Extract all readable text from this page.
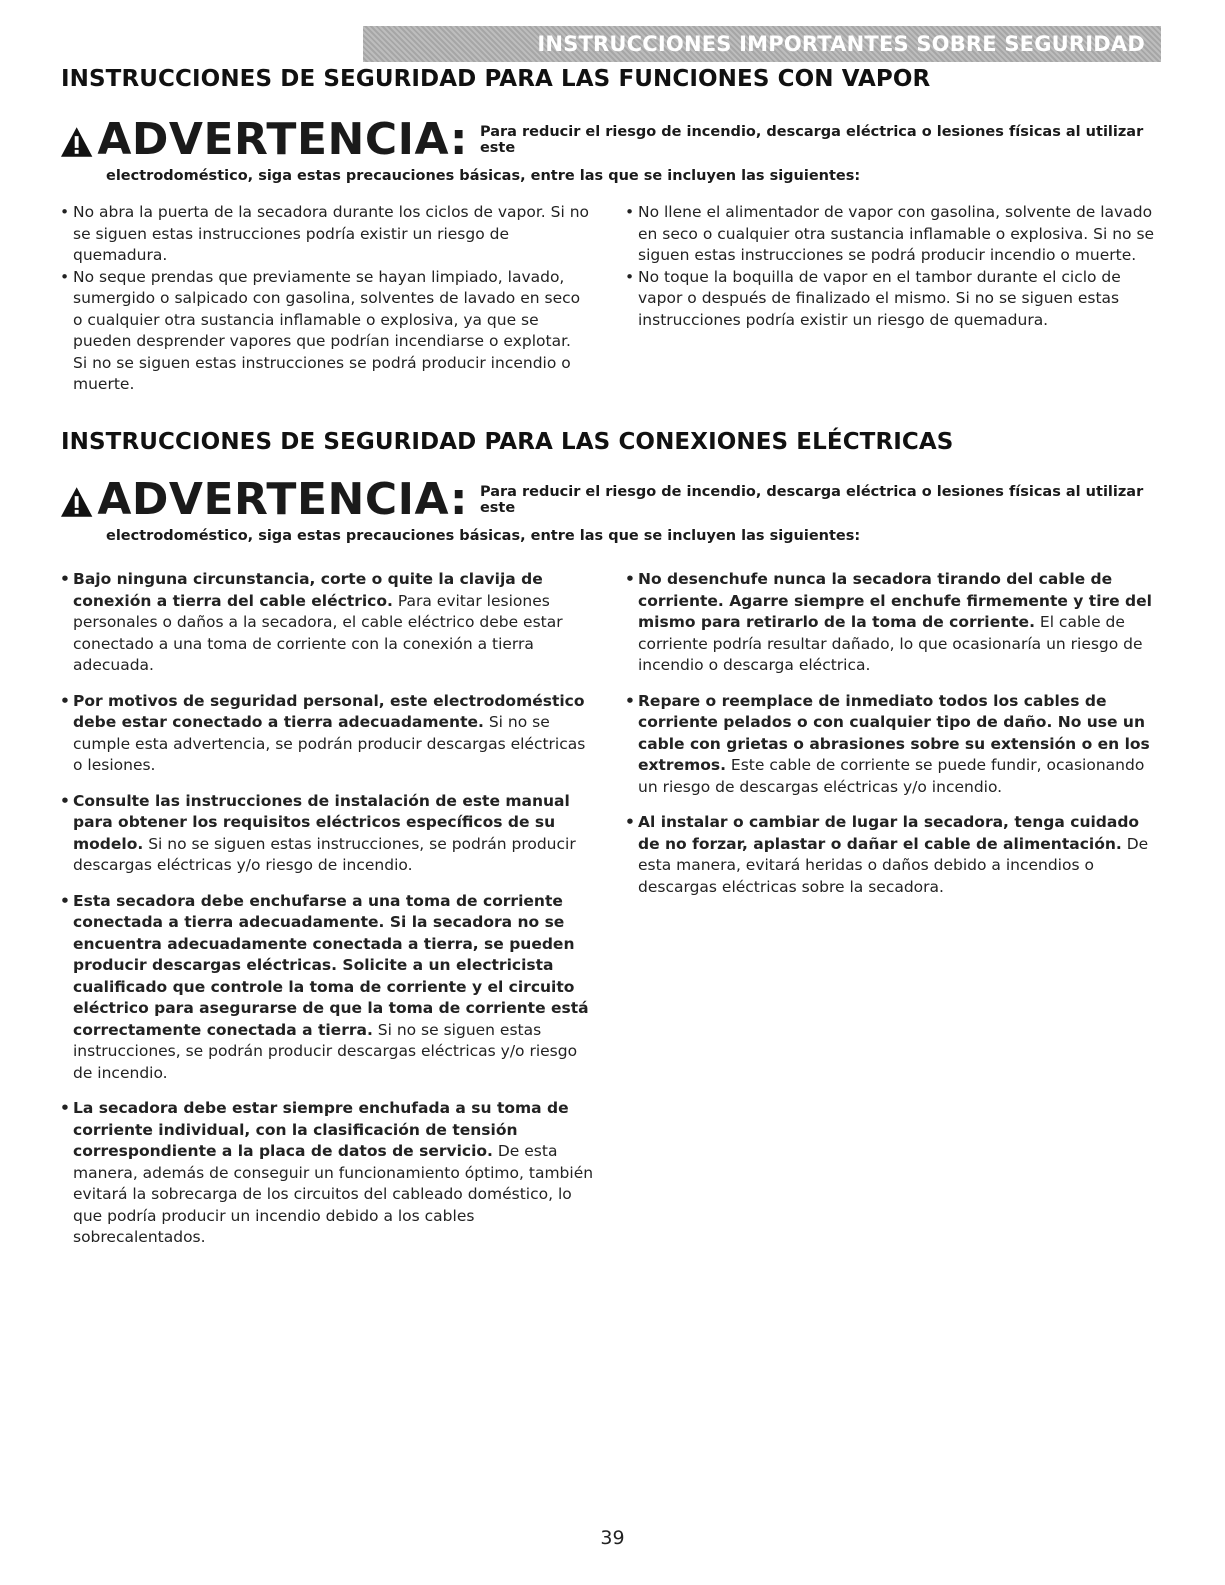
INSTRUCCIONES IMPORTANTES SOBRE SEGURIDAD
INSTRUCCIONES DE SEGURIDAD PARA LAS FUNCIONES CON VAPOR
ADVERTENCIA: Para reducir el riesgo de incendio, descarga eléctrica o lesiones físicas al utilizar este
electrodoméstico, siga estas precauciones básicas, entre las que se incluyen las siguientes:
• No abra la puerta de la secadora durante los ciclos de vapor. Si no se siguen estas instrucciones podría existir un riesgo de quemadura.
• No seque prendas que previamente se hayan limpiado, lavado, sumergido o salpicado con gasolina, solventes de lavado en seco o cualquier otra sustancia inflamable o explosiva, ya que se pueden desprender vapores que podrían incendiarse o explotar. Si no se siguen estas instrucciones se podrá producir incendio o muerte.
• No llene el alimentador de vapor con gasolina, solvente de lavado en seco o cualquier otra sustancia inflamable o explosiva. Si no se siguen estas instrucciones se podrá producir incendio o muerte.
• No toque la boquilla de vapor en el tambor durante el ciclo de vapor o después de finalizado el mismo. Si no se siguen estas instrucciones podría existir un riesgo de quemadura.
INSTRUCCIONES DE SEGURIDAD PARA LAS CONEXIONES ELÉCTRICAS
ADVERTENCIA: Para reducir el riesgo de incendio, descarga eléctrica o lesiones físicas al utilizar este
electrodoméstico, siga estas precauciones básicas, entre las que se incluyen las siguientes:
• Bajo ninguna circunstancia, corte o quite la clavija de conexión a tierra del cable eléctrico. Para evitar lesiones personales o daños a la secadora, el cable eléctrico debe estar conectado a una toma de corriente con la conexión a tierra adecuada.
• Por motivos de seguridad personal, este electrodoméstico debe estar conectado a tierra adecuadamente. Si no se cumple esta advertencia, se podrán producir descargas eléctricas o lesiones.
• Consulte las instrucciones de instalación de este manual para obtener los requisitos eléctricos específicos de su modelo. Si no se siguen estas instrucciones, se podrán producir descargas eléctricas y/o riesgo de incendio.
• Esta secadora debe enchufarse a una toma de corriente conectada a tierra adecuadamente. Si la secadora no se encuentra adecuadamente conectada a tierra, se pueden producir descargas eléctricas. Solicite a un electricista cualificado que controle la toma de corriente y el circuito eléctrico para asegurarse de que la toma de corriente está correctamente conectada a tierra. Si no se siguen estas instrucciones, se podrán producir descargas eléctricas y/o riesgo de incendio.
• La secadora debe estar siempre enchufada a su toma de corriente individual, con la clasificación de tensión correspondiente a la placa de datos de servicio. De esta manera, además de conseguir un funcionamiento óptimo, también evitará la sobrecarga de los circuitos del cableado doméstico, lo que podría producir un incendio debido a los cables sobrecalentados.
• No desenchufe nunca la secadora tirando del cable de corriente. Agarre siempre el enchufe firmemente y tire del mismo para retirarlo de la toma de corriente. El cable de corriente podría resultar dañado, lo que ocasionaría un riesgo de incendio o descarga eléctrica.
• Repare o reemplace de inmediato todos los cables de corriente pelados o con cualquier tipo de daño. No use un cable con grietas o abrasiones sobre su extensión o en los extremos. Este cable de corriente se puede fundir, ocasionando un riesgo de descargas eléctricas y/o incendio.
• Al instalar o cambiar de lugar la secadora, tenga cuidado de no forzar, aplastar o dañar el cable de alimentación. De esta manera, evitará heridas o daños debido a incendios o descargas eléctricas sobre la secadora.
39
